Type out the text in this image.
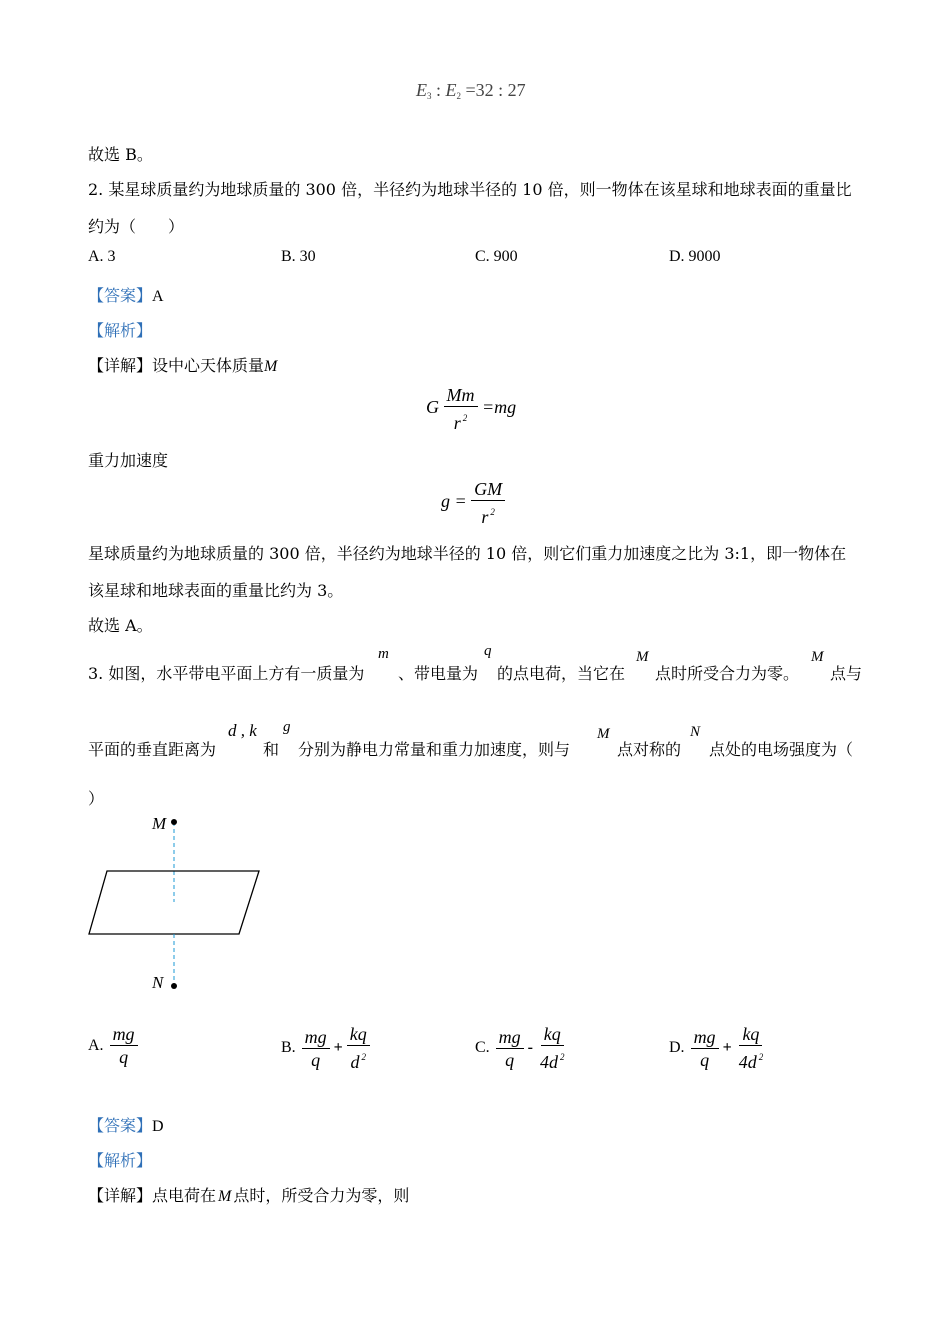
$E_3$ : $E_2 =32$ : 27
故选 B。
2. 某星球质量约为地球质量的 300 倍，半径约为地球半径的 10 倍，则一物体在该星球和地球表面的重量比
约为（　　）
A. 3	B. 30	C. 900	D. 9000
【答案】A
【解析】
【详解】设中心天体质量M
G $\frac{Mm}{r ^2} =mg$
重力加速度
$g = \frac{GM}{r ^2}$
星球质量约为地球质量的 300 倍，半径约为地球半径的 10 倍，则它们重力加速度之比为 3:1，即一物体在
该星球和地球表面的重量比约为 3。
故选 A。
3. 如图，水平带电平面上方有一质量为
m
、带电量为
q
的点电荷，当它在
M
点时所受合力为零。
M
点与
平面的垂直距离为
d , k
和
g
分别为静电力常量和重力加速度，则与
M
点对称的
N
点处的电场强度为（
）
M
N
A. $\frac{mg}{q}$	B. $\frac{mg}{q} + \frac{kq}{d ^2}$	C. $\frac{mg}{q} - \frac{kq}{4d ^2}$	D. $\frac{mg}{q} + \frac{kq}{4d ^2}$
【答案】D
【解析】
【详解】点电荷在 M 点时，所受合力为零，则
